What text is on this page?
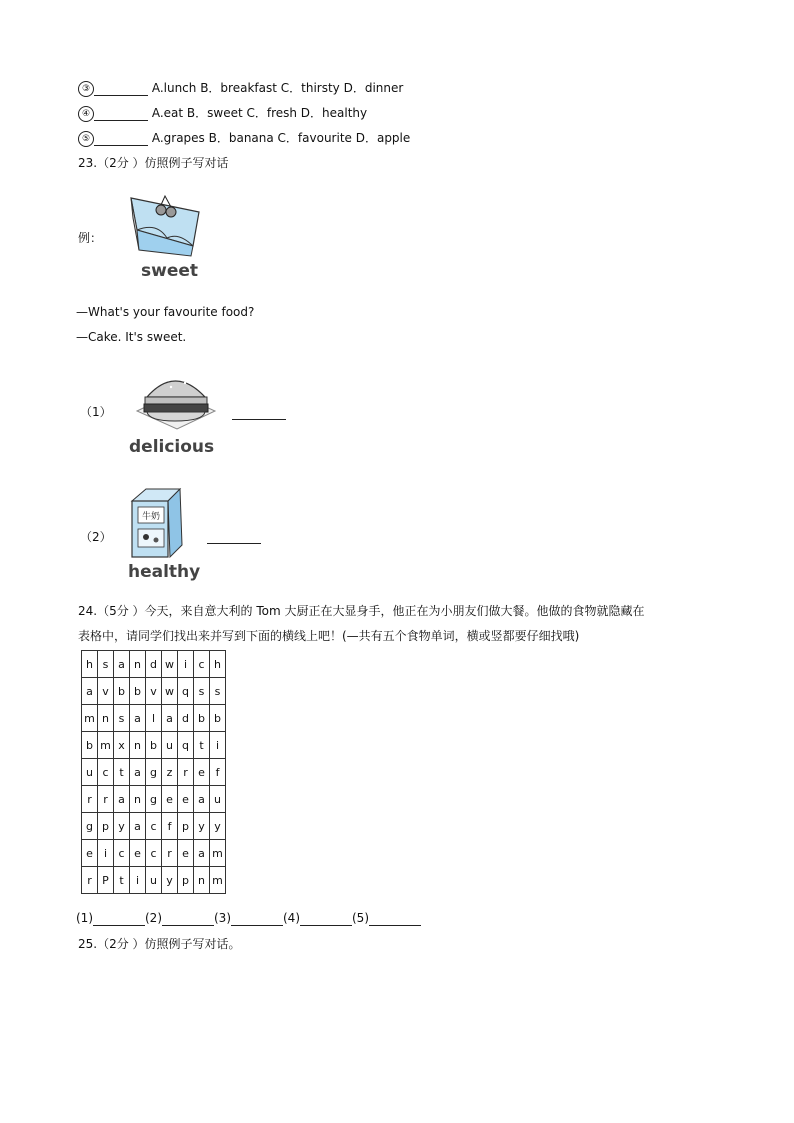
③	A.lunch B．breakfast C．thirsty D．dinner
④	A.eat B．sweet C．fresh D．healthy
⑤	A.grapes B．banana C．favourite D．apple
23.（2分 ）仿照例子写对话
例：
sweet
—What's your favourite food?
—Cake. It's sweet.
（1）
delicious
（2）
牛奶
healthy
24.（5分 ）今天，来自意大利的 Tom 大厨正在大显身手，他正在为小朋友们做大餐。他做的食物就隐藏在
表格中，请同学们找出来并写到下面的横线上吧！(—共有五个食物单词，横或竖都要仔细找哦)
h	s	a	n	d	w	i	c	h
a	v	b	b	v	w	q	s	s
m	n	s	a	l	a	d	b	b
b	m	x	n	b	u	q	t	i
u	c	t	a	g	z	r	e	f
r	r	a	n	g	e	e	a	u
g	p	y	a	c	f	p	y	y
e	i	c	e	c	r	e	a	m
r	P	t	i	u	y	p	n	m
(1)	(2)	(3)	(4)	(5)
25.（2分 ）仿照例子写对话。
